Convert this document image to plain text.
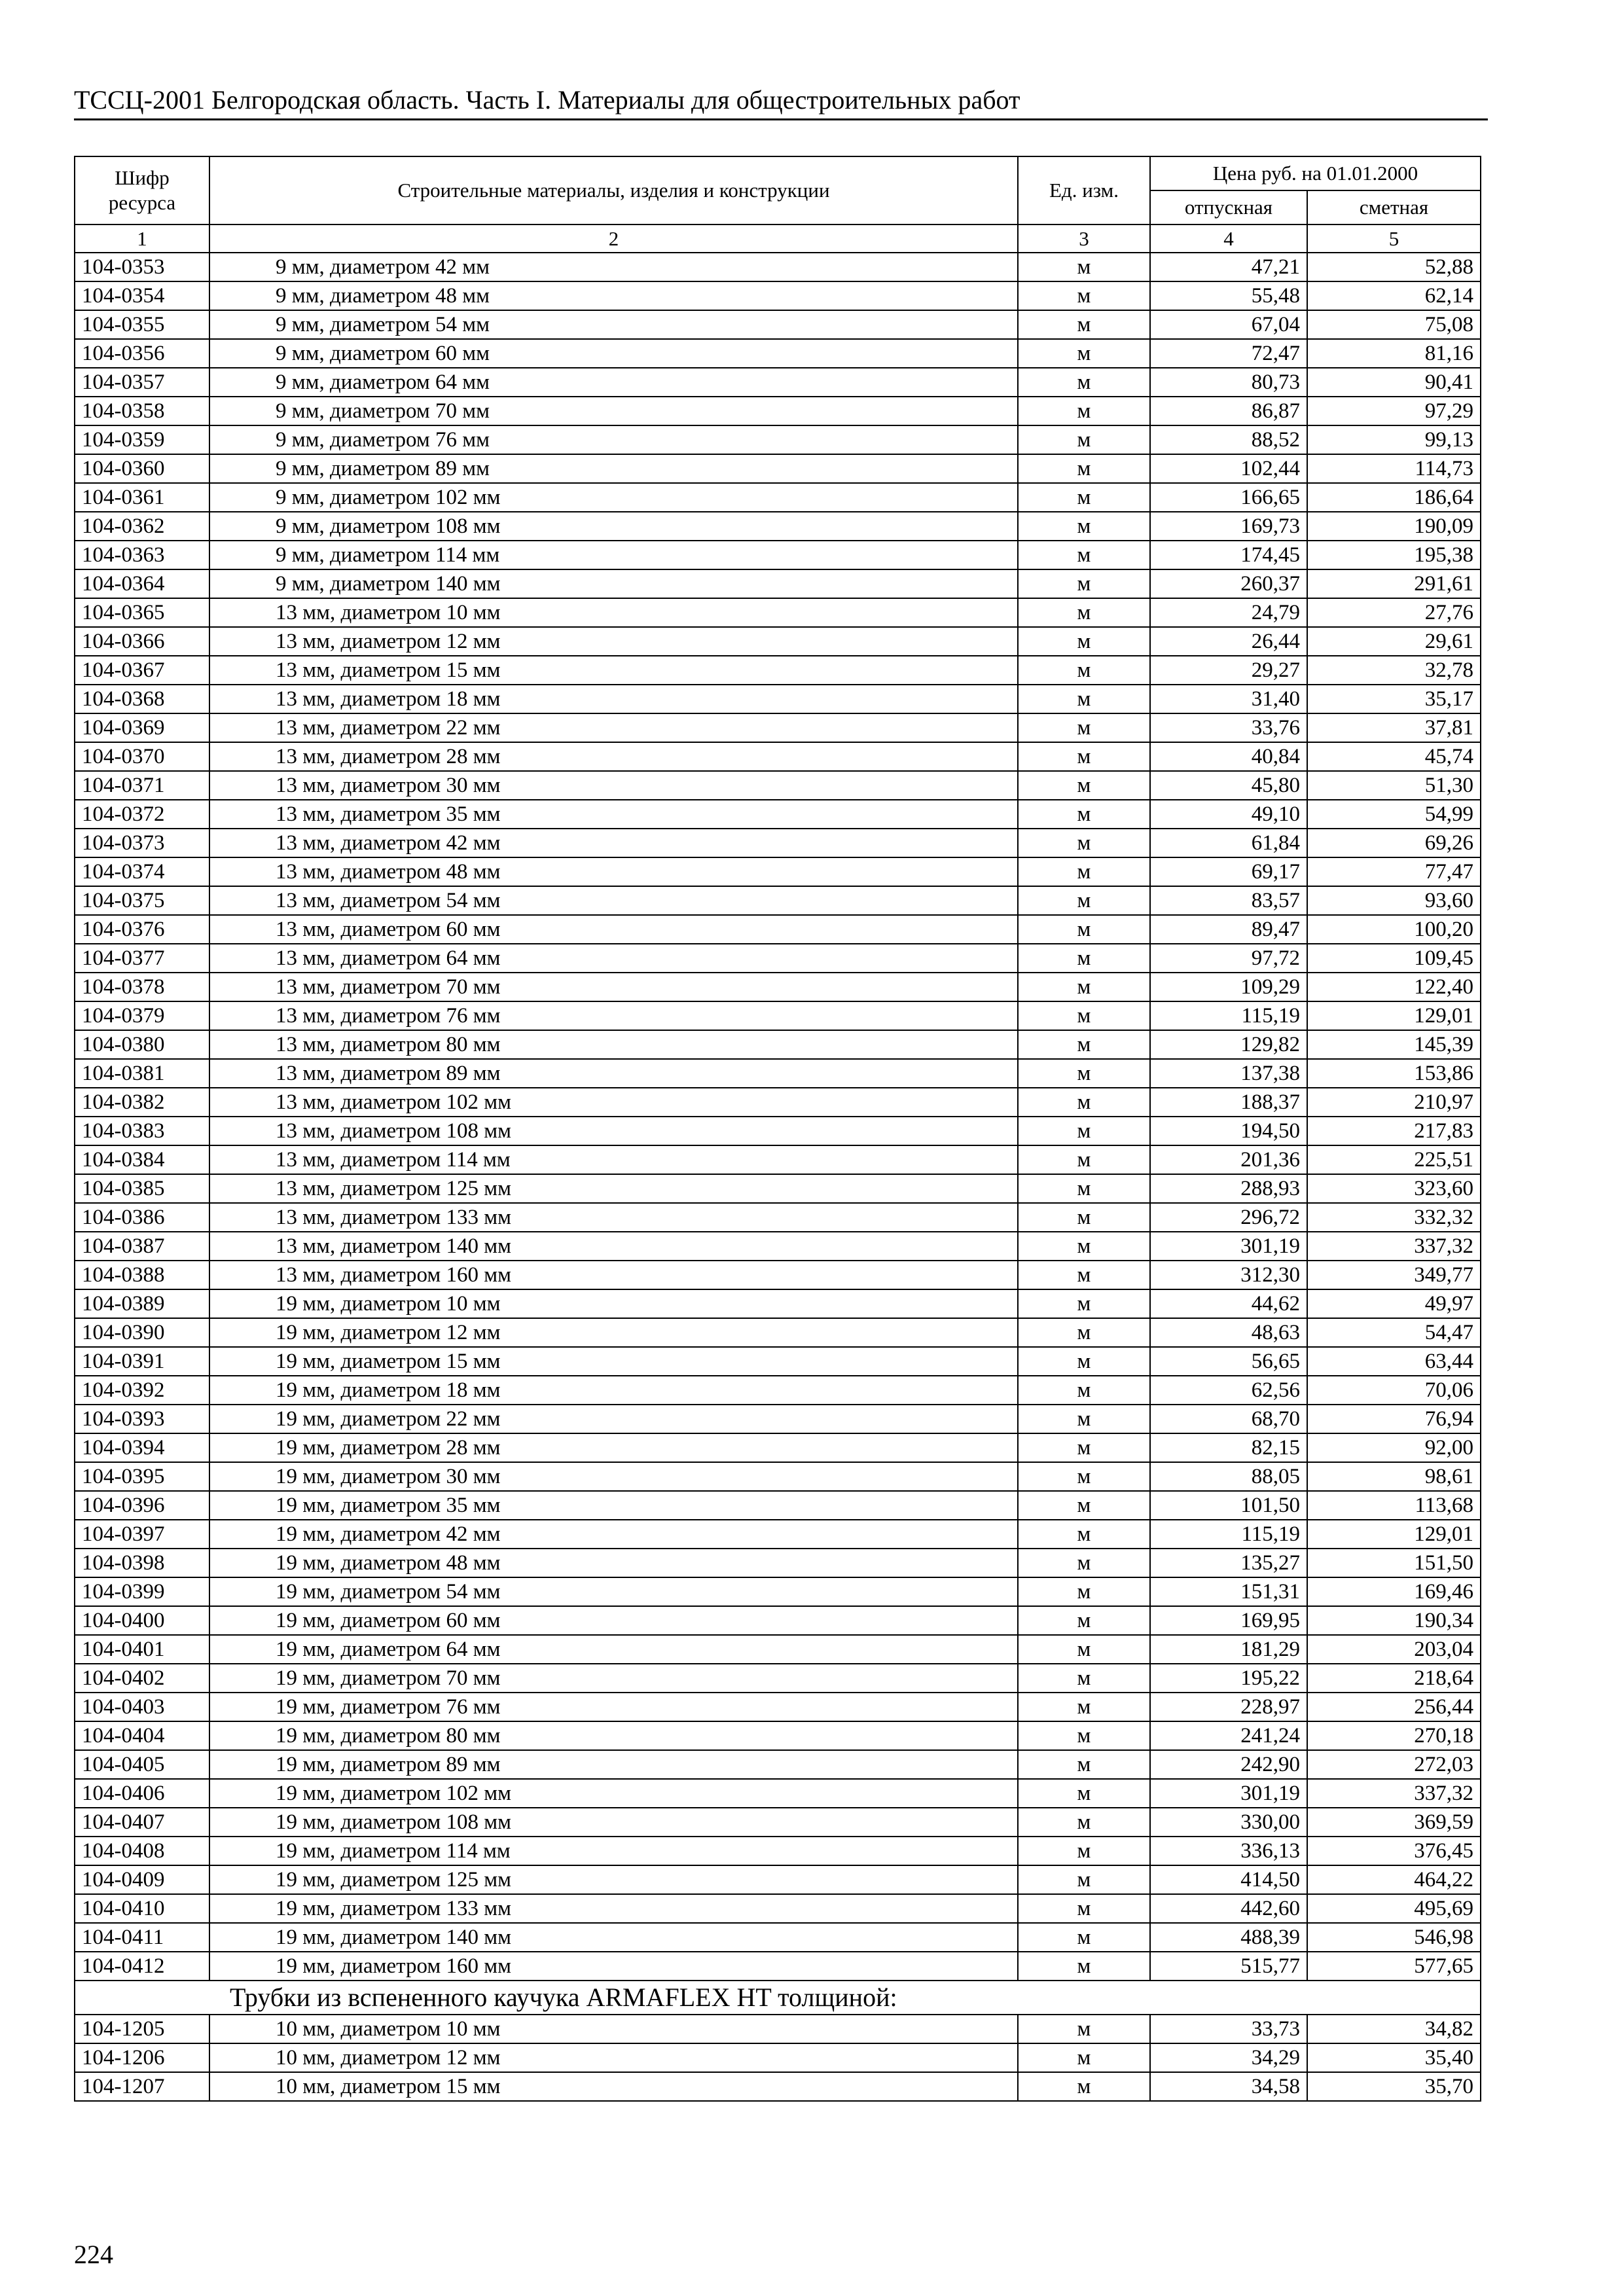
ТССЦ-2001 Белгородская область. Часть I. Материалы для общестроительных работ
Шифр ресурса	Строительные материалы, изделия и конструкции	Ед. изм.	Цена руб. на 01.01.2000	
			отпускная	сметная
1	2	3	4	5
104-0353	9 мм, диаметром 42 мм	м	47,21	52,88
104-0354	9 мм, диаметром 48 мм	м	55,48	62,14
104-0355	9 мм, диаметром 54 мм	м	67,04	75,08
104-0356	9 мм, диаметром 60 мм	м	72,47	81,16
104-0357	9 мм, диаметром 64 мм	м	80,73	90,41
104-0358	9 мм, диаметром 70 мм	м	86,87	97,29
104-0359	9 мм, диаметром 76 мм	м	88,52	99,13
104-0360	9 мм, диаметром 89 мм	м	102,44	114,73
104-0361	9 мм, диаметром 102 мм	м	166,65	186,64
104-0362	9 мм, диаметром 108 мм	м	169,73	190,09
104-0363	9 мм, диаметром 114 мм	м	174,45	195,38
104-0364	9 мм, диаметром 140 мм	м	260,37	291,61
104-0365	13 мм, диаметром 10 мм	м	24,79	27,76
104-0366	13 мм, диаметром 12 мм	м	26,44	29,61
104-0367	13 мм, диаметром 15 мм	м	29,27	32,78
104-0368	13 мм, диаметром 18 мм	м	31,40	35,17
104-0369	13 мм, диаметром 22 мм	м	33,76	37,81
104-0370	13 мм, диаметром 28 мм	м	40,84	45,74
104-0371	13 мм, диаметром 30 мм	м	45,80	51,30
104-0372	13 мм, диаметром 35 мм	м	49,10	54,99
104-0373	13 мм, диаметром 42 мм	м	61,84	69,26
104-0374	13 мм, диаметром 48 мм	м	69,17	77,47
104-0375	13 мм, диаметром 54 мм	м	83,57	93,60
104-0376	13 мм, диаметром 60 мм	м	89,47	100,20
104-0377	13 мм, диаметром 64 мм	м	97,72	109,45
104-0378	13 мм, диаметром 70 мм	м	109,29	122,40
104-0379	13 мм, диаметром 76 мм	м	115,19	129,01
104-0380	13 мм, диаметром 80 мм	м	129,82	145,39
104-0381	13 мм, диаметром 89 мм	м	137,38	153,86
104-0382	13 мм, диаметром 102 мм	м	188,37	210,97
104-0383	13 мм, диаметром 108 мм	м	194,50	217,83
104-0384	13 мм, диаметром 114 мм	м	201,36	225,51
104-0385	13 мм, диаметром 125 мм	м	288,93	323,60
104-0386	13 мм, диаметром 133 мм	м	296,72	332,32
104-0387	13 мм, диаметром 140 мм	м	301,19	337,32
104-0388	13 мм, диаметром 160 мм	м	312,30	349,77
104-0389	19 мм, диаметром 10 мм	м	44,62	49,97
104-0390	19 мм, диаметром 12 мм	м	48,63	54,47
104-0391	19 мм, диаметром 15 мм	м	56,65	63,44
104-0392	19 мм, диаметром 18 мм	м	62,56	70,06
104-0393	19 мм, диаметром 22 мм	м	68,70	76,94
104-0394	19 мм, диаметром 28 мм	м	82,15	92,00
104-0395	19 мм, диаметром 30 мм	м	88,05	98,61
104-0396	19 мм, диаметром 35 мм	м	101,50	113,68
104-0397	19 мм, диаметром 42 мм	м	115,19	129,01
104-0398	19 мм, диаметром 48 мм	м	135,27	151,50
104-0399	19 мм, диаметром 54 мм	м	151,31	169,46
104-0400	19 мм, диаметром 60 мм	м	169,95	190,34
104-0401	19 мм, диаметром 64 мм	м	181,29	203,04
104-0402	19 мм, диаметром 70 мм	м	195,22	218,64
104-0403	19 мм, диаметром 76 мм	м	228,97	256,44
104-0404	19 мм, диаметром 80 мм	м	241,24	270,18
104-0405	19 мм, диаметром 89 мм	м	242,90	272,03
104-0406	19 мм, диаметром 102 мм	м	301,19	337,32
104-0407	19 мм, диаметром 108 мм	м	330,00	369,59
104-0408	19 мм, диаметром 114 мм	м	336,13	376,45
104-0409	19 мм, диаметром 125 мм	м	414,50	464,22
104-0410	19 мм, диаметром 133 мм	м	442,60	495,69
104-0411	19 мм, диаметром 140 мм	м	488,39	546,98
104-0412	19 мм, диаметром 160 мм	м	515,77	577,65
Трубки из вспененного каучука ARMAFLEX HT толщиной:				
104-1205	10 мм, диаметром 10 мм	м	33,73	34,82
104-1206	10 мм, диаметром 12 мм	м	34,29	35,40
104-1207	10 мм, диаметром 15 мм	м	34,58	35,70
224
